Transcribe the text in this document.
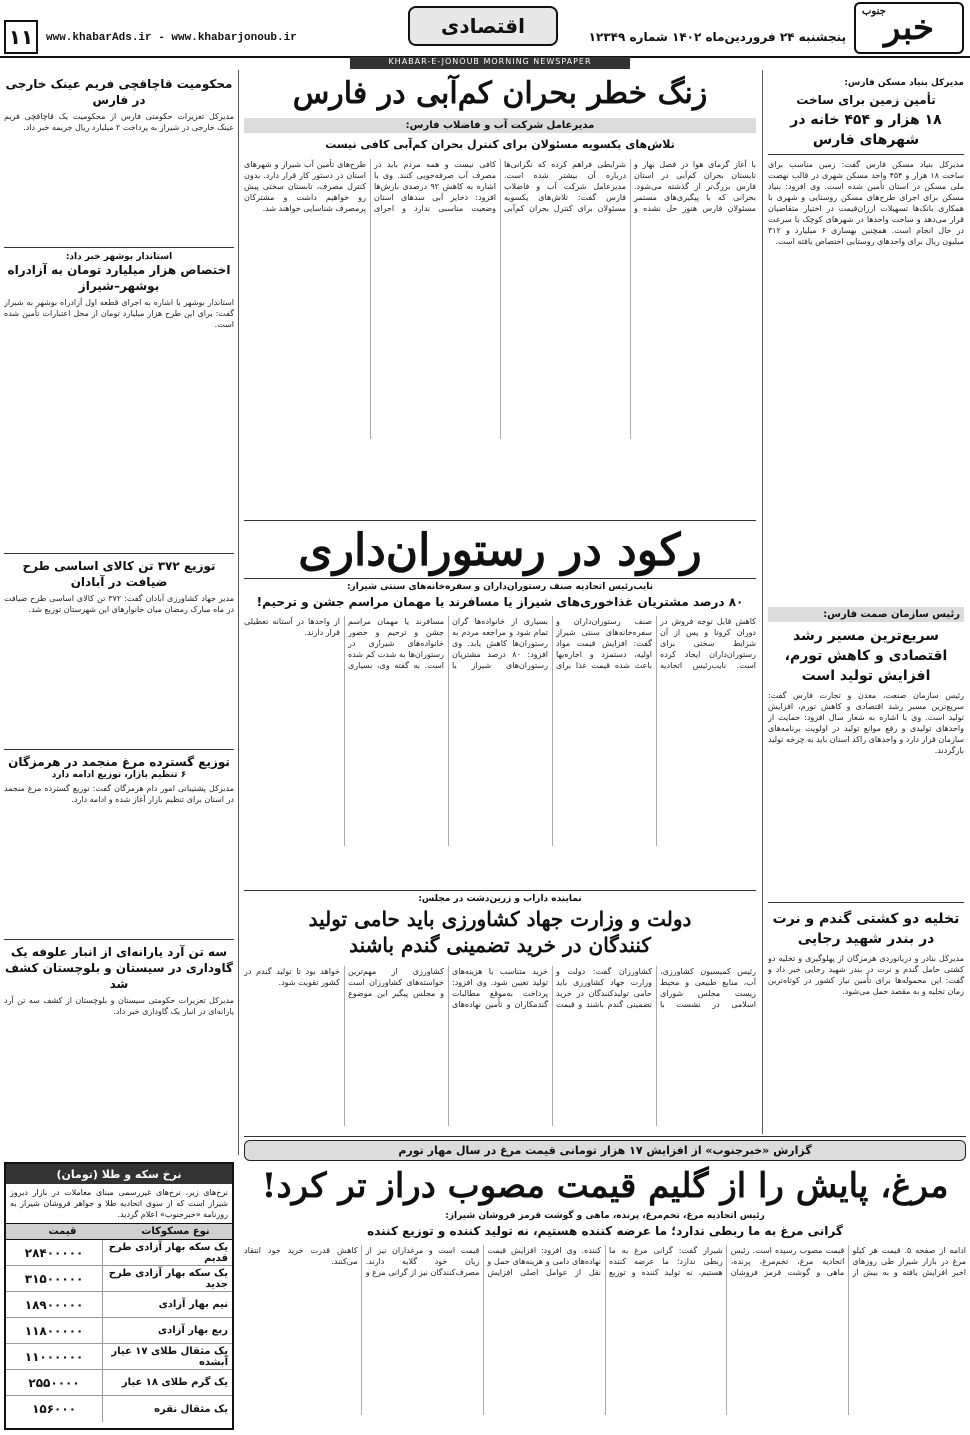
جنوب
خبر
پنجشنبه ۲۴ فروردین‌ماه ۱۴۰۲ شماره ۱۲۳۴۹
اقتصادی
www.khabarAds.ir - www.khabarjonoub.ir
۱۱
KHABAR-E-JONOUB MORNING NEWSPAPER
مدیرکل بنیاد مسکن فارس:
تأمین زمین برای ساخت
۱۸ هزار و ۴۵۴ خانه در شهرهای فارس
مدیرکل بنیاد مسکن فارس گفت: زمین مناسب برای ساخت ۱۸ هزار و ۴۵۴ واحد مسکن شهری در قالب نهضت ملی مسکن در استان تأمین شده است. وی افزود: بنیاد مسکن برای اجرای طرح‌های مسکن روستایی و شهری با همکاری بانک‌ها تسهیلات ارزان‌قیمت در اختیار متقاضیان قرار می‌دهد و ساخت واحدها در شهرهای کوچک با سرعت در حال انجام است. همچنین بهسازی ۶ میلیارد و ۳۱۲ میلیون ریال برای واحدهای روستایی اختصاص یافته است.
رئیس سازمان صمت فارس:
سریع‌ترین مسیر رشد اقتصادی و کاهش تورم، افزایش تولید است
رئیس سازمان صنعت، معدن و تجارت فارس گفت: سریع‌ترین مسیر رشد اقتصادی و کاهش تورم، افزایش تولید است. وی با اشاره به شعار سال افزود: حمایت از واحدهای تولیدی و رفع موانع تولید در اولویت برنامه‌های سازمان قرار دارد و واحدهای راکد استان باید به چرخه تولید بازگردند.
تخلیه دو کشتی گندم و نرت در بندر شهید رجایی
مدیرکل بنادر و دریانوردی هرمزگان از پهلوگیری و تخلیه دو کشتی حامل گندم و نرت در بندر شهید رجایی خبر داد و گفت: این محموله‌ها برای تأمین نیاز کشور در کوتاه‌ترین زمان تخلیه و به مقصد حمل می‌شود.
زنگ خطر بحران کم‌آبی در فارس
مدیرعامل شرکت آب و فاضلاب فارس:
تلاش‌های یکسویه مسئولان برای کنترل بحران کم‌آبی کافی نیست
با آغاز گرمای هوا در فصل بهار و تابستان بحران کم‌آبی در استان فارس بزرگ‌تر از گذشته می‌شود. بحرانی که با پیگیری‌های مستمر مسئولان فارس هنوز حل نشده و شرایطی فراهم کرده که نگرانی‌ها درباره آن بیشتر شده است. مدیرعامل شرکت آب و فاضلاب فارس گفت: تلاش‌های یکسویه مسئولان برای کنترل بحران کم‌آبی کافی نیست و همه مردم باید در مصرف آب صرفه‌جویی کنند. وی با اشاره به کاهش ۹۲ درصدی بارش‌ها افزود: ذخایر آبی سدهای استان وضعیت مناسبی ندارد و اجرای طرح‌های تأمین آب شیراز و شهرهای استان در دستور کار قرار دارد. بدون کنترل مصرف، تابستان سختی پیش رو خواهیم داشت و مشترکان پرمصرف شناسایی خواهند شد.
رکود در رستوران‌داری
نایب‌رئیس اتحادیه صنف رستوران‌داران و سفره‌خانه‌های سنتی شیراز:
۸۰ درصد مشتریان غذاخوری‌های شیراز یا مسافرند یا مهمان مراسم جشن و ترحیم!
کاهش قابل توجه فروش در دوران کرونا و پس از آن شرایط سختی برای رستوران‌داران ایجاد کرده است. نایب‌رئیس اتحادیه صنف رستوران‌داران و سفره‌خانه‌های سنتی شیراز گفت: افزایش قیمت مواد اولیه، دستمزد و اجاره‌بها باعث شده قیمت غذا برای بسیاری از خانواده‌ها گران تمام شود و مراجعه مردم به رستوران‌ها کاهش یابد. وی افزود: ۸۰ درصد مشتریان رستوران‌های شیراز یا مسافرند یا مهمان مراسم جشن و ترحیم و حضور خانواده‌های شیرازی در رستوران‌ها به شدت کم شده است. به گفته وی، بسیاری از واحدها در آستانه تعطیلی قرار دارند.
نماینده داراب و زرین‌دشت در مجلس:
دولت و وزارت جهاد کشاورزی باید حامی تولید کنندگان در خرید تضمینی گندم باشند
رئیس کمیسیون کشاورزی، آب، منابع طبیعی و محیط زیست مجلس شورای اسلامی در نشست با کشاورزان گفت: دولت و وزارت جهاد کشاورزی باید حامی تولیدکنندگان در خرید تضمینی گندم باشند و قیمت خرید متناسب با هزینه‌های تولید تعیین شود. وی افزود: پرداخت به‌موقع مطالبات گندمکاران و تأمین نهاده‌های کشاورزی از مهم‌ترین خواسته‌های کشاورزان است و مجلس پیگیر این موضوع خواهد بود تا تولید گندم در کشور تقویت شود.
گزارش «خبرجنوب» از افزایش ۱۷ هزار تومانی قیمت مرغ در سال مهار تورم
مرغ، پایش را از گلیم قیمت مصوب دراز تر کرد!
رئیس اتحادیه مرغ، تخم‌مرغ، پرنده، ماهی و گوشت قرمز فروشان شیراز:
گرانی مرغ به ما ربطی ندارد؛ ما عرضه کننده هستیم، نه تولید کننده و توزیع کننده
ادامه از صفحه ۵. قیمت هر کیلو مرغ در بازار شیراز طی روزهای اخیر افزایش یافته و به بیش از قیمت مصوب رسیده است. رئیس اتحادیه مرغ، تخم‌مرغ، پرنده، ماهی و گوشت قرمز فروشان شیراز گفت: گرانی مرغ به ما ربطی ندارد؛ ما عرضه کننده هستیم، نه تولید کننده و توزیع کننده. وی افزود: افزایش قیمت نهاده‌های دامی و هزینه‌های حمل و نقل از عوامل اصلی افزایش قیمت است و مرغداران نیز از زیان خود گلایه دارند. مصرف‌کنندگان نیز از گرانی مرغ و کاهش قدرت خرید خود انتقاد می‌کنند.
محکومیت قاچاقچی فریم عینک خارجی در فارس
مدیرکل تعزیرات حکومتی فارس از محکومیت یک قاچاقچی فریم عینک خارجی در شیراز به پرداخت ۲ میلیارد ریال جریمه خبر داد.
استاندار بوشهر خبر داد:
اختصاص هزار میلیارد تومان به آزادراه بوشهر–شیراز
استاندار بوشهر با اشاره به اجرای قطعه اول آزادراه بوشهر به شیراز گفت: برای این طرح هزار میلیارد تومان از محل اعتبارات تأمین شده است.
توزیع ۳۷۲ تن کالای اساسی طرح ضیافت در آبادان
مدیر جهاد کشاورزی آبادان گفت: ۳۷۲ تن کالای اساسی طرح ضیافت در ماه مبارک رمضان میان خانوارهای این شهرستان توزیع شد.
توزیع گسترده مرغ منجمد در هرمزگان
۶ تنظیم بازار، توزیع ادامه دارد
مدیرکل پشتیبانی امور دام هرمزگان گفت: توزیع گسترده مرغ منجمد در استان برای تنظیم بازار آغاز شده و ادامه دارد.
سه تن آرد یارانه‌ای از انبار علوفه یک گاوداری در سیستان و بلوچستان کشف شد
مدیرکل تعزیرات حکومتی سیستان و بلوچستان از کشف سه تن آرد یارانه‌ای در انبار یک گاوداری خبر داد.
نرخ سکه و طلا (تومان)
نرخ‌های زیر، نرخ‌های غیررسمی مبنای معاملات در بازار دیروز شیراز است که از سوی اتحادیه طلا و جواهر فروشان شیراز به روزنامه «خبرجنوب» اعلام گردید.
نوع مسکوکات
قیمت
یک سکه بهار آزادی طرح قدیم
۲۸۴۰۰۰۰۰
یک سکه بهار آزادی طرح جدید
۳۱۵۰۰۰۰۰
نیم بهار آزادی
۱۸۹۰۰۰۰۰
ربع بهار آزادی
۱۱۸۰۰۰۰۰
یک مثقال طلای ۱۷ عیار آبشده
۱۱۰۰۰۰۰۰
یک گرم طلای ۱۸ عیار
۲۵۵۰۰۰۰
یک مثقال نقره
۱۵۶۰۰۰
